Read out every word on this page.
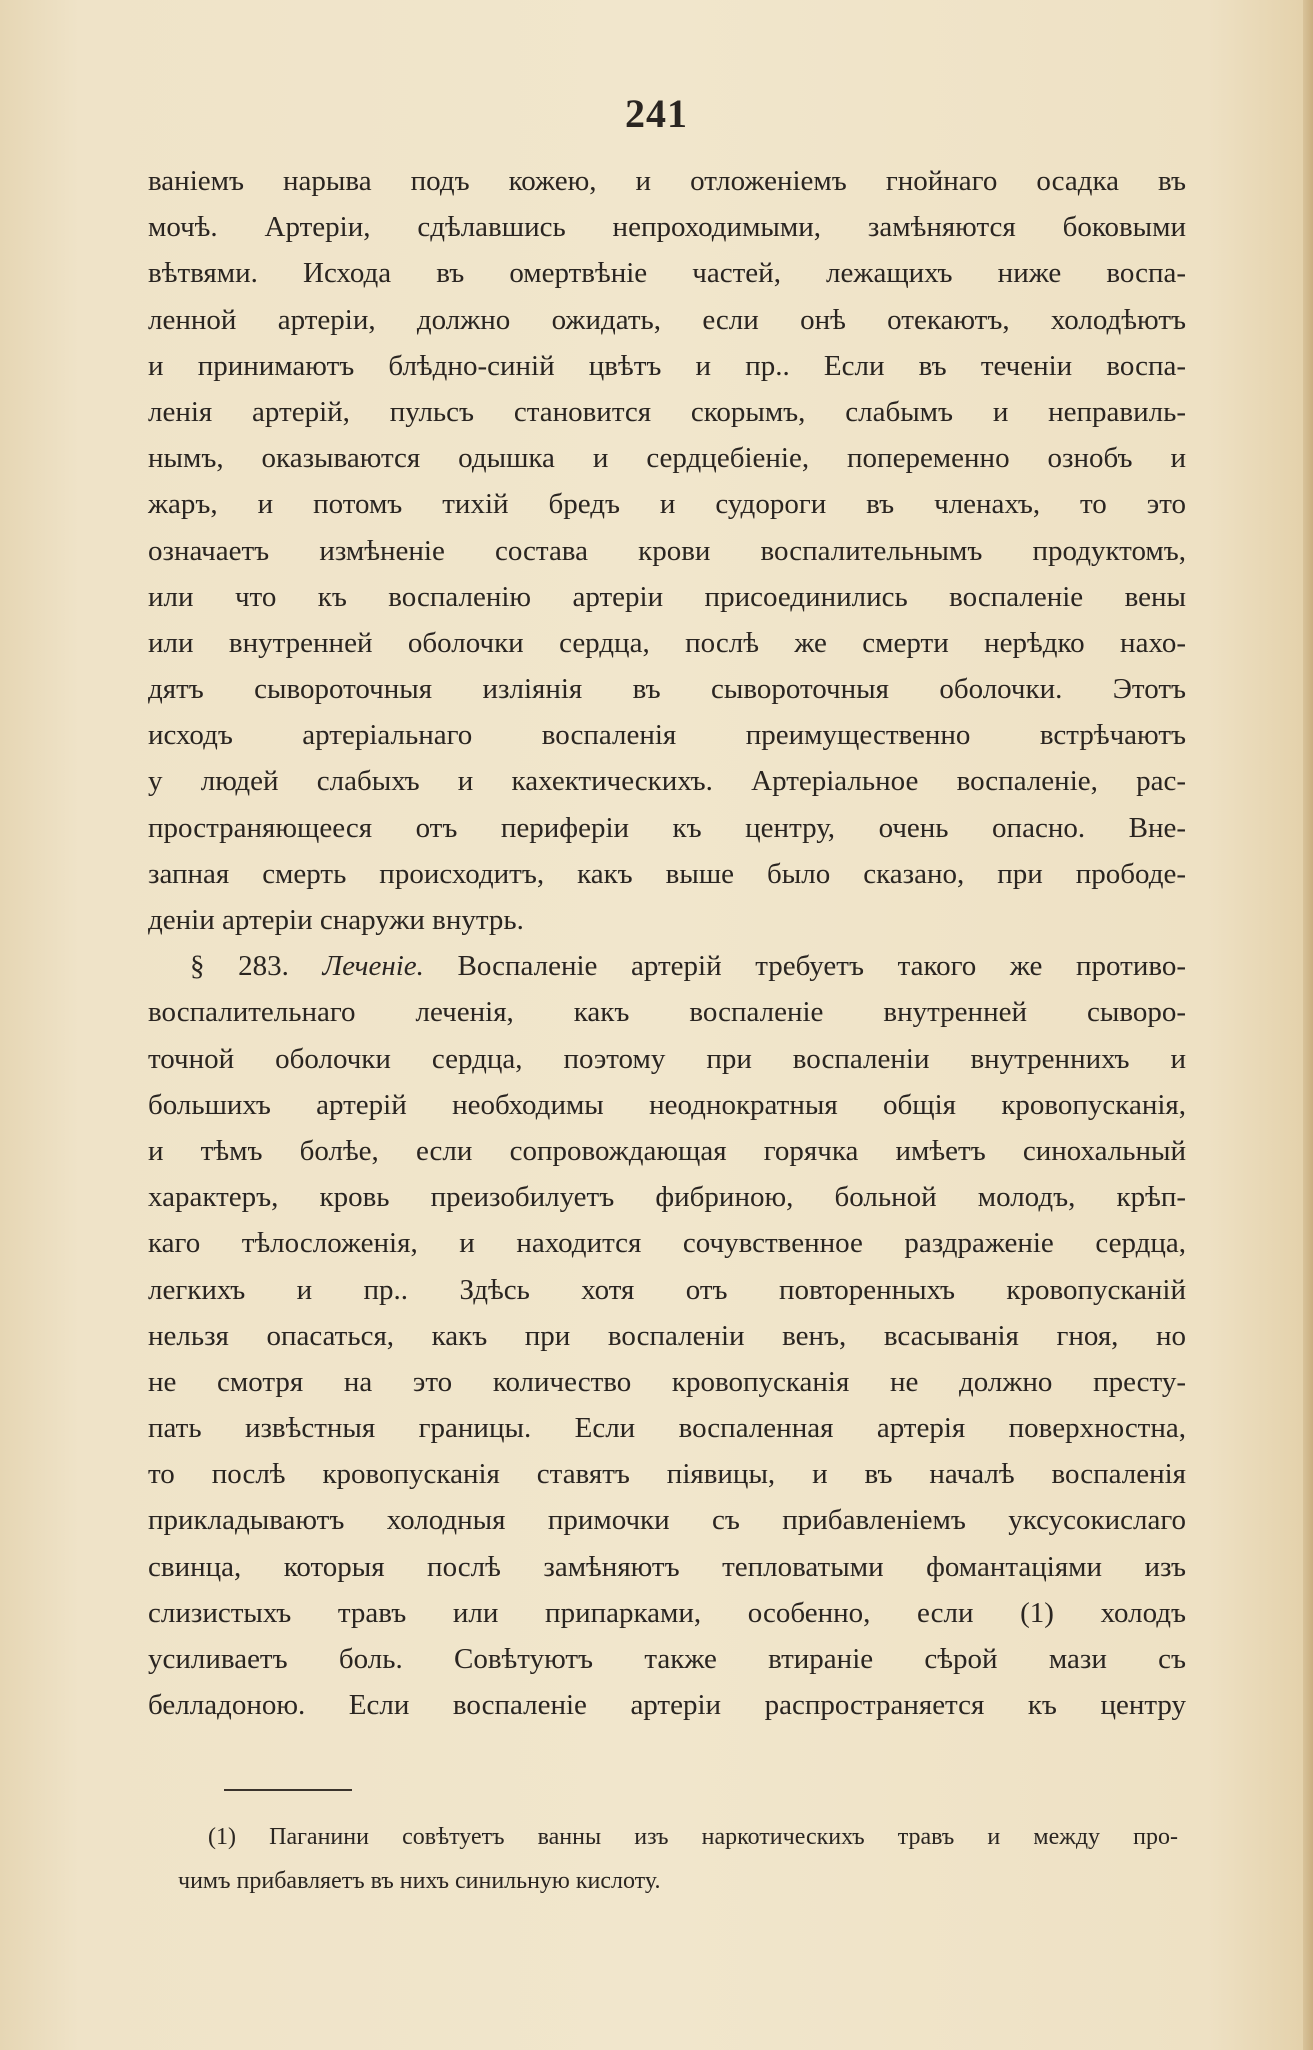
241
ваніемъ нарыва подъ кожею, и отложеніемъ гнойнаго осадка въ
мочѣ. Артеріи, сдѣлавшись непроходимыми, замѣняются боковыми
вѣтвями. Исхода въ омертвѣніе частей, лежащихъ ниже воспа-
ленной артеріи, должно ожидать, если онѣ отекаютъ, холодѣютъ
и принимаютъ блѣдно-синій цвѣтъ и пр.. Если въ теченіи воспа-
ленія артерій, пульсъ становится скорымъ, слабымъ и неправиль-
нымъ, оказываются одышка и сердцебіеніе, попеременно ознобъ и
жаръ, и потомъ тихій бредъ и судороги въ членахъ, то это
означаетъ измѣненіе состава крови воспалительнымъ продуктомъ,
или что къ воспаленію артеріи присоединились воспаленіе вены
или внутренней оболочки сердца, послѣ же смерти нерѣдко нахо-
дятъ сывороточныя изліянія въ сывороточныя оболочки. Этотъ
исходъ артеріальнаго воспаленія преимущественно встрѣчаютъ
у людей слабыхъ и кахектическихъ. Артеріальное воспаленіе, рас-
пространяющееся отъ периферіи къ центру, очень опасно. Вне-
запная смерть происходитъ, какъ выше было сказано, при прободе-
деніи артеріи снаружи внутрь.
§ 283. Леченіе. Воспаленіе артерій требуетъ такого же противо-
воспалительнаго леченія, какъ воспаленіе внутренней сыворо-
точной оболочки сердца, поэтому при воспаленіи внутреннихъ и
большихъ артерій необходимы неоднократныя общія кровопусканія,
и тѣмъ болѣе, если сопровождающая горячка имѣетъ синохальный
характеръ, кровь преизобилуетъ фибриною, больной молодъ, крѣп-
каго тѣлосложенія, и находится сочувственное раздраженіе сердца,
легкихъ и пр.. Здѣсь хотя отъ повторенныхъ кровопусканій
нельзя опасаться, какъ при воспаленіи венъ, всасыванія гноя, но
не смотря на это количество кровопусканія не должно престу-
пать извѣстныя границы. Если воспаленная артерія поверхностна,
то послѣ кровопусканія ставятъ піявицы, и въ началѣ воспаленія
прикладываютъ холодныя примочки съ прибавленіемъ уксусокислаго
свинца, которыя послѣ замѣняютъ тепловатыми фомантаціями изъ
слизистыхъ травъ или припарками, особенно, если (1) холодъ
усиливаетъ боль. Совѣтуютъ также втираніе сѣрой мази съ
белладоною. Если воспаленіе артеріи распространяется къ центру
(1) Паганини совѣтуетъ ванны изъ наркотическихъ травъ и между про-
чимъ прибавляетъ въ нихъ синильную кислоту.
